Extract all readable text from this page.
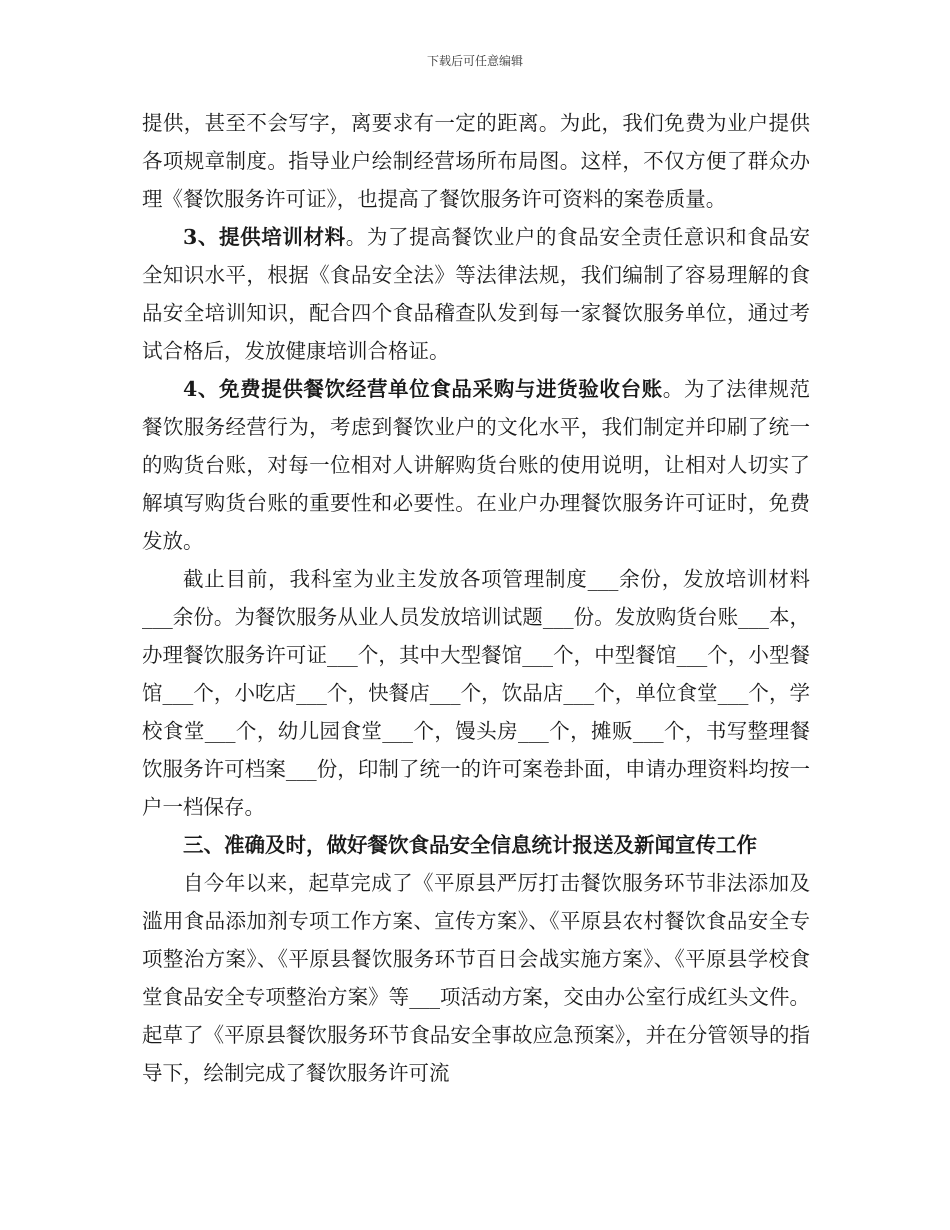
下载后可任意编辑

提供，甚至不会写字，离要求有一定的距离。为此，我们免费为业户提供各项规章制度。指导业户绘制经营场所布局图。这样，不仅方便了群众办理《餐饮服务许可证》，也提高了餐饮服务许可资料的案卷质量。

3、提供培训材料。为了提高餐饮业户的食品安全责任意识和食品安全知识水平，根据《食品安全法》等法律法规，我们编制了容易理解的食品安全培训知识，配合四个食品稽查队发到每一家餐饮服务单位，通过考试合格后，发放健康培训合格证。

4、免费提供餐饮经营单位食品采购与进货验收台账。为了法律规范餐饮服务经营行为，考虑到餐饮业户的文化水平，我们制定并印刷了统一的购货台账，对每一位相对人讲解购货台账的使用说明，让相对人切实了解填写购货台账的重要性和必要性。在业户办理餐饮服务许可证时，免费发放。

截止目前，我科室为业主发放各项管理制度___余份，发放培训材料___余份。为餐饮服务从业人员发放培训试题___份。发放购货台账___本，办理餐饮服务许可证___个，其中大型餐馆___个，中型餐馆___个，小型餐馆___个，小吃店___个，快餐店___个，饮品店___个，单位食堂___个，学校食堂___个，幼儿园食堂___个，馒头房___个，摊贩___个，书写整理餐饮服务许可档案___份，印制了统一的许可案卷卦面，申请办理资料均按一户一档保存。

三、准确及时，做好餐饮食品安全信息统计报送及新闻宣传工作

自今年以来，起草完成了《平原县严厉打击餐饮服务环节非法添加及滥用食品添加剂专项工作方案、宣传方案》、《平原县农村餐饮食品安全专项整治方案》、《平原县餐饮服务环节百日会战实施方案》、《平原县学校食堂食品安全专项整治方案》等___项活动方案，交由办公室行成红头文件。起草了《平原县餐饮服务环节食品安全事故应急预案》，并在分管领导的指导下，绘制完成了餐饮服务许可流
